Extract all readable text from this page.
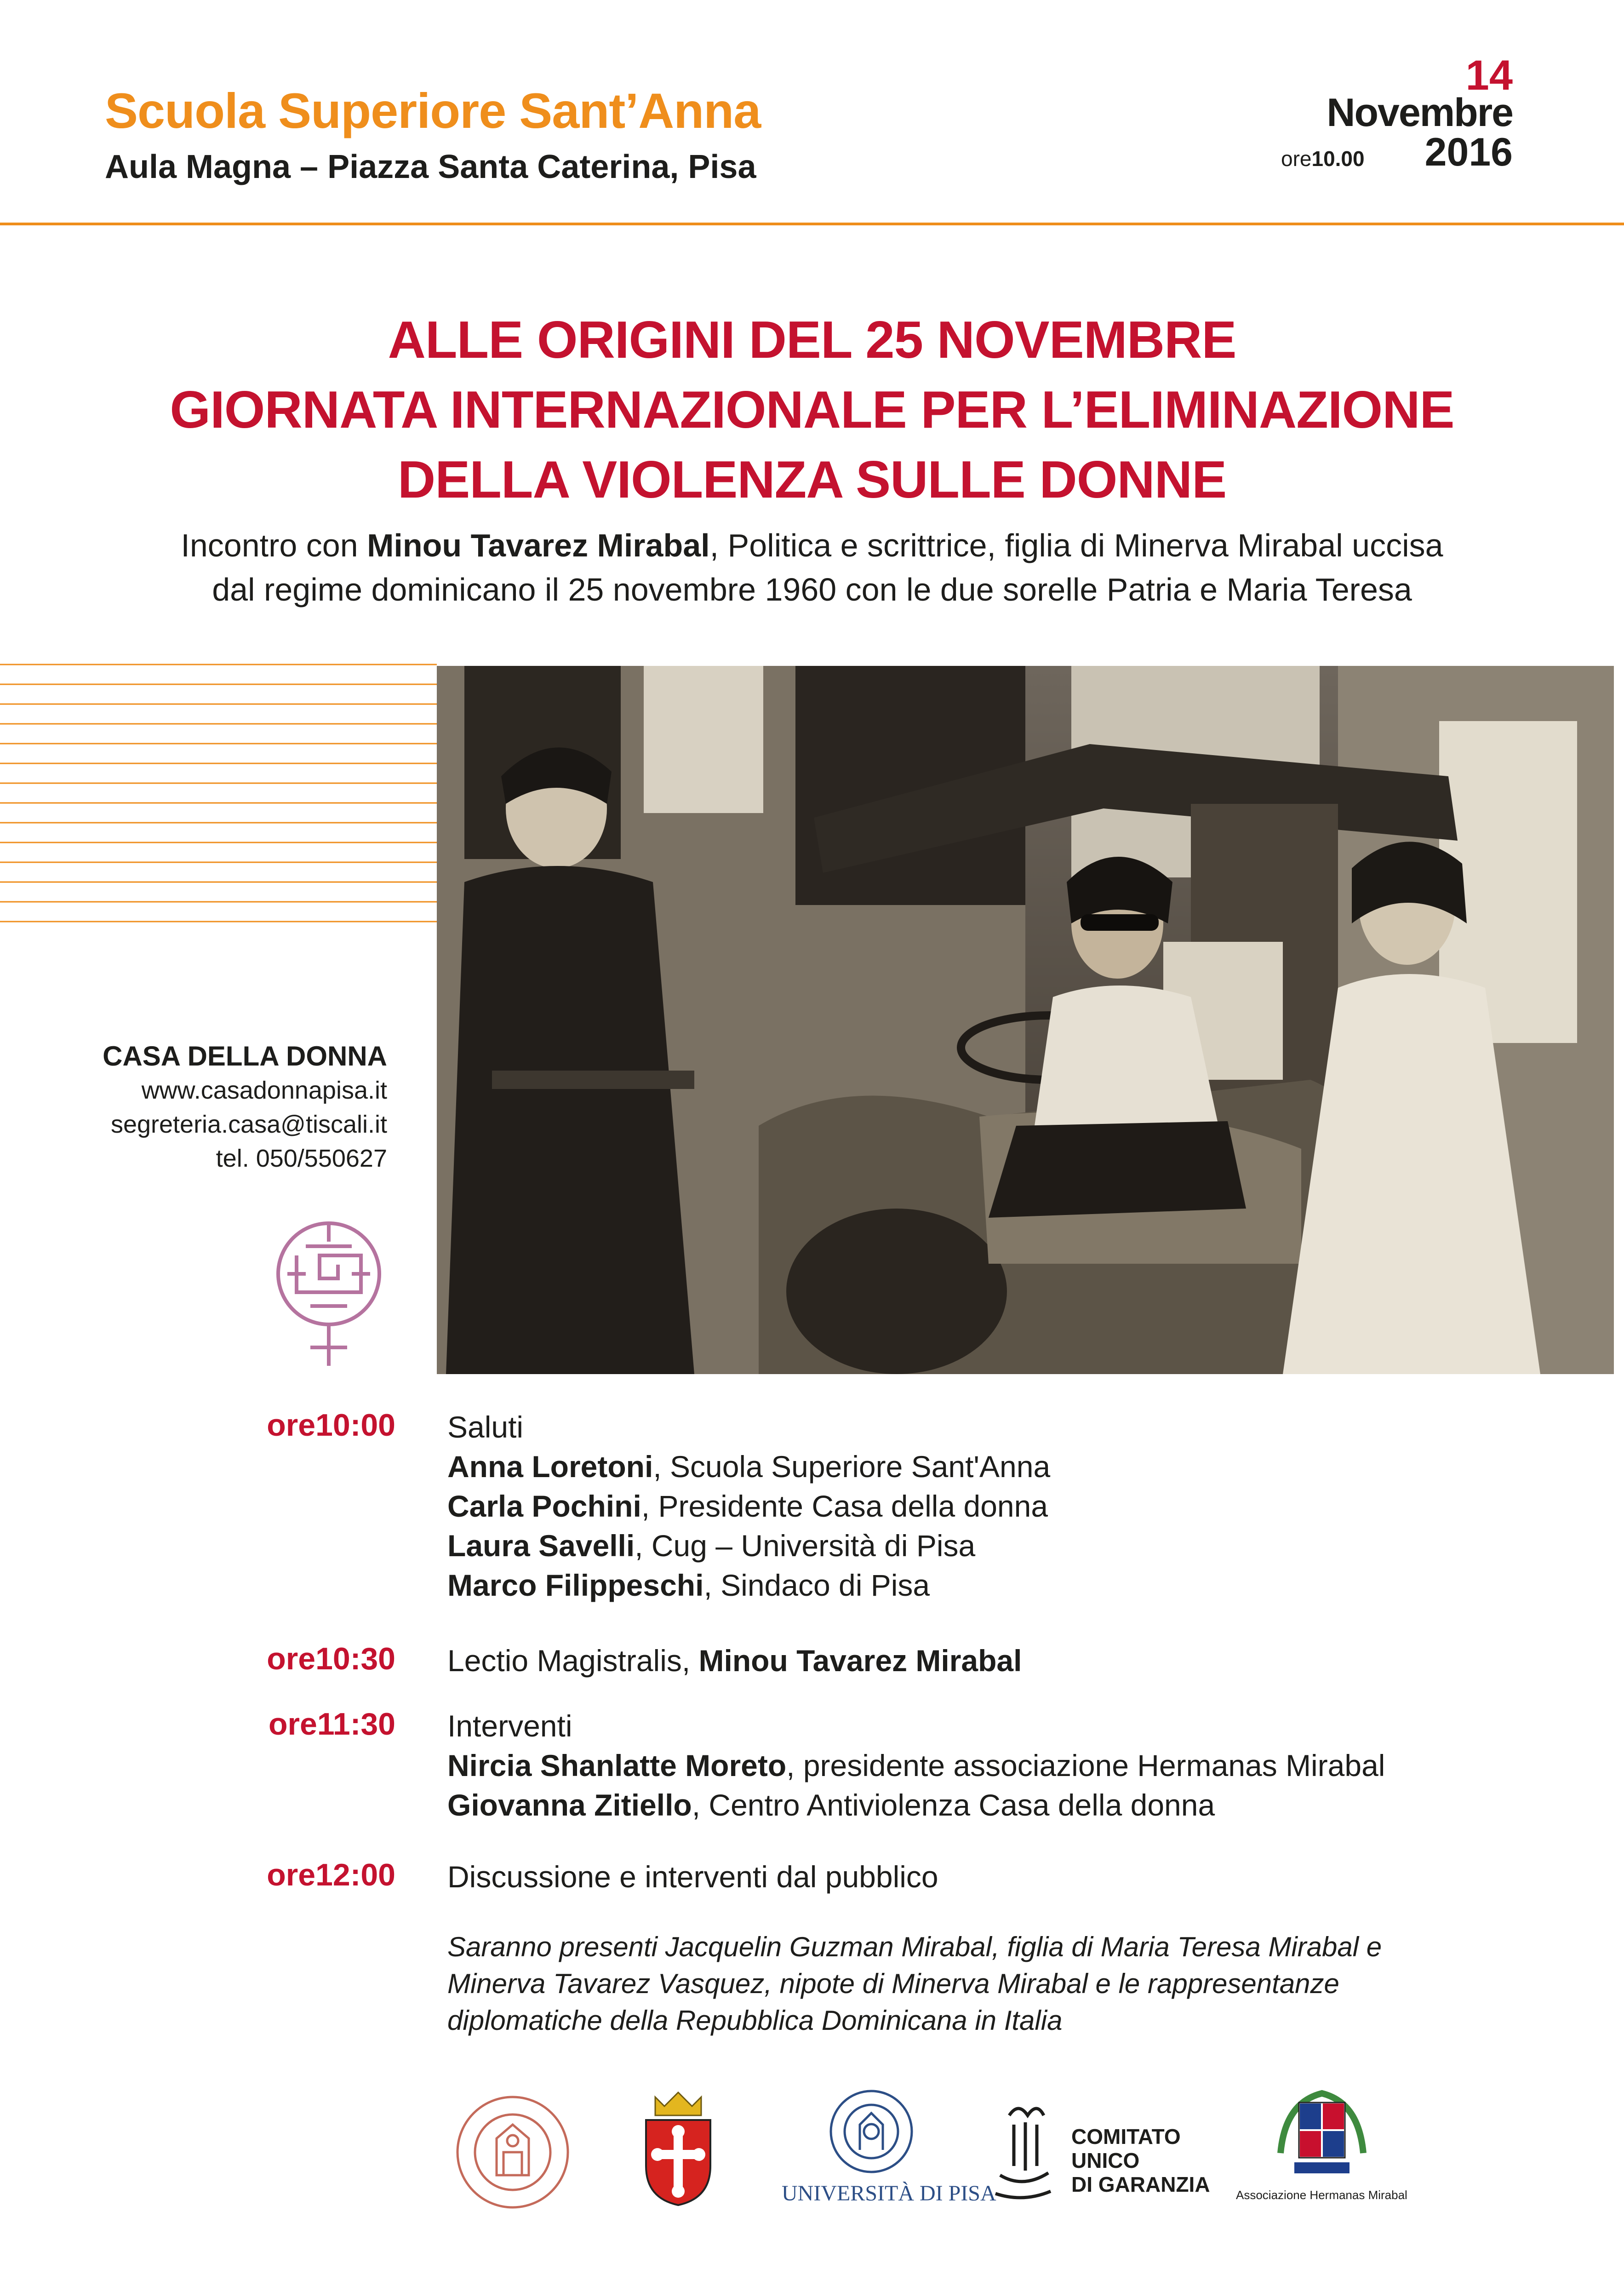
Scuola Superiore Sant’Anna
Aula Magna – Piazza Santa Caterina, Pisa
14
Novembre
ore10.00	2016
ALLE ORIGINI DEL 25 NOVEMBRE
GIORNATA INTERNAZIONALE PER L’ELIMINAZIONE
DELLA VIOLENZA SULLE DONNE
Incontro con Minou Tavarez Mirabal, Politica e scrittrice, figlia di Minerva Mirabal uccisa
dal regime dominicano il 25 novembre 1960 con le due sorelle Patria e Maria Teresa
CASA DELLA DONNA
www.casadonnapisa.it
segreteria.casa@tiscali.it
tel. 050/550627
ore10:00 Saluti
Anna Loretoni, Scuola Superiore Sant'Anna
Carla Pochini, Presidente Casa della donna
Laura Savelli, Cug – Università di Pisa
Marco Filippeschi, Sindaco di Pisa
ore10:30 Lectio Magistralis, Minou Tavarez Mirabal
ore11:30 Interventi
Nircia Shanlatte Moreto, presidente associazione Hermanas Mirabal
Giovanna Zitiello, Centro Antiviolenza Casa della donna
ore12:00 Discussione e interventi dal pubblico
Saranno presenti Jacquelin Guzman Mirabal, figlia di Maria Teresa Mirabal e
Minerva Tavarez Vasquez, nipote di Minerva Mirabal e le rappresentanze
diplomatiche della Repubblica Dominicana in Italia
UNIVERSITÀ DI PISA
COMITATO
UNICO
DI GARANZIA Associazione Hermanas Mirabal
